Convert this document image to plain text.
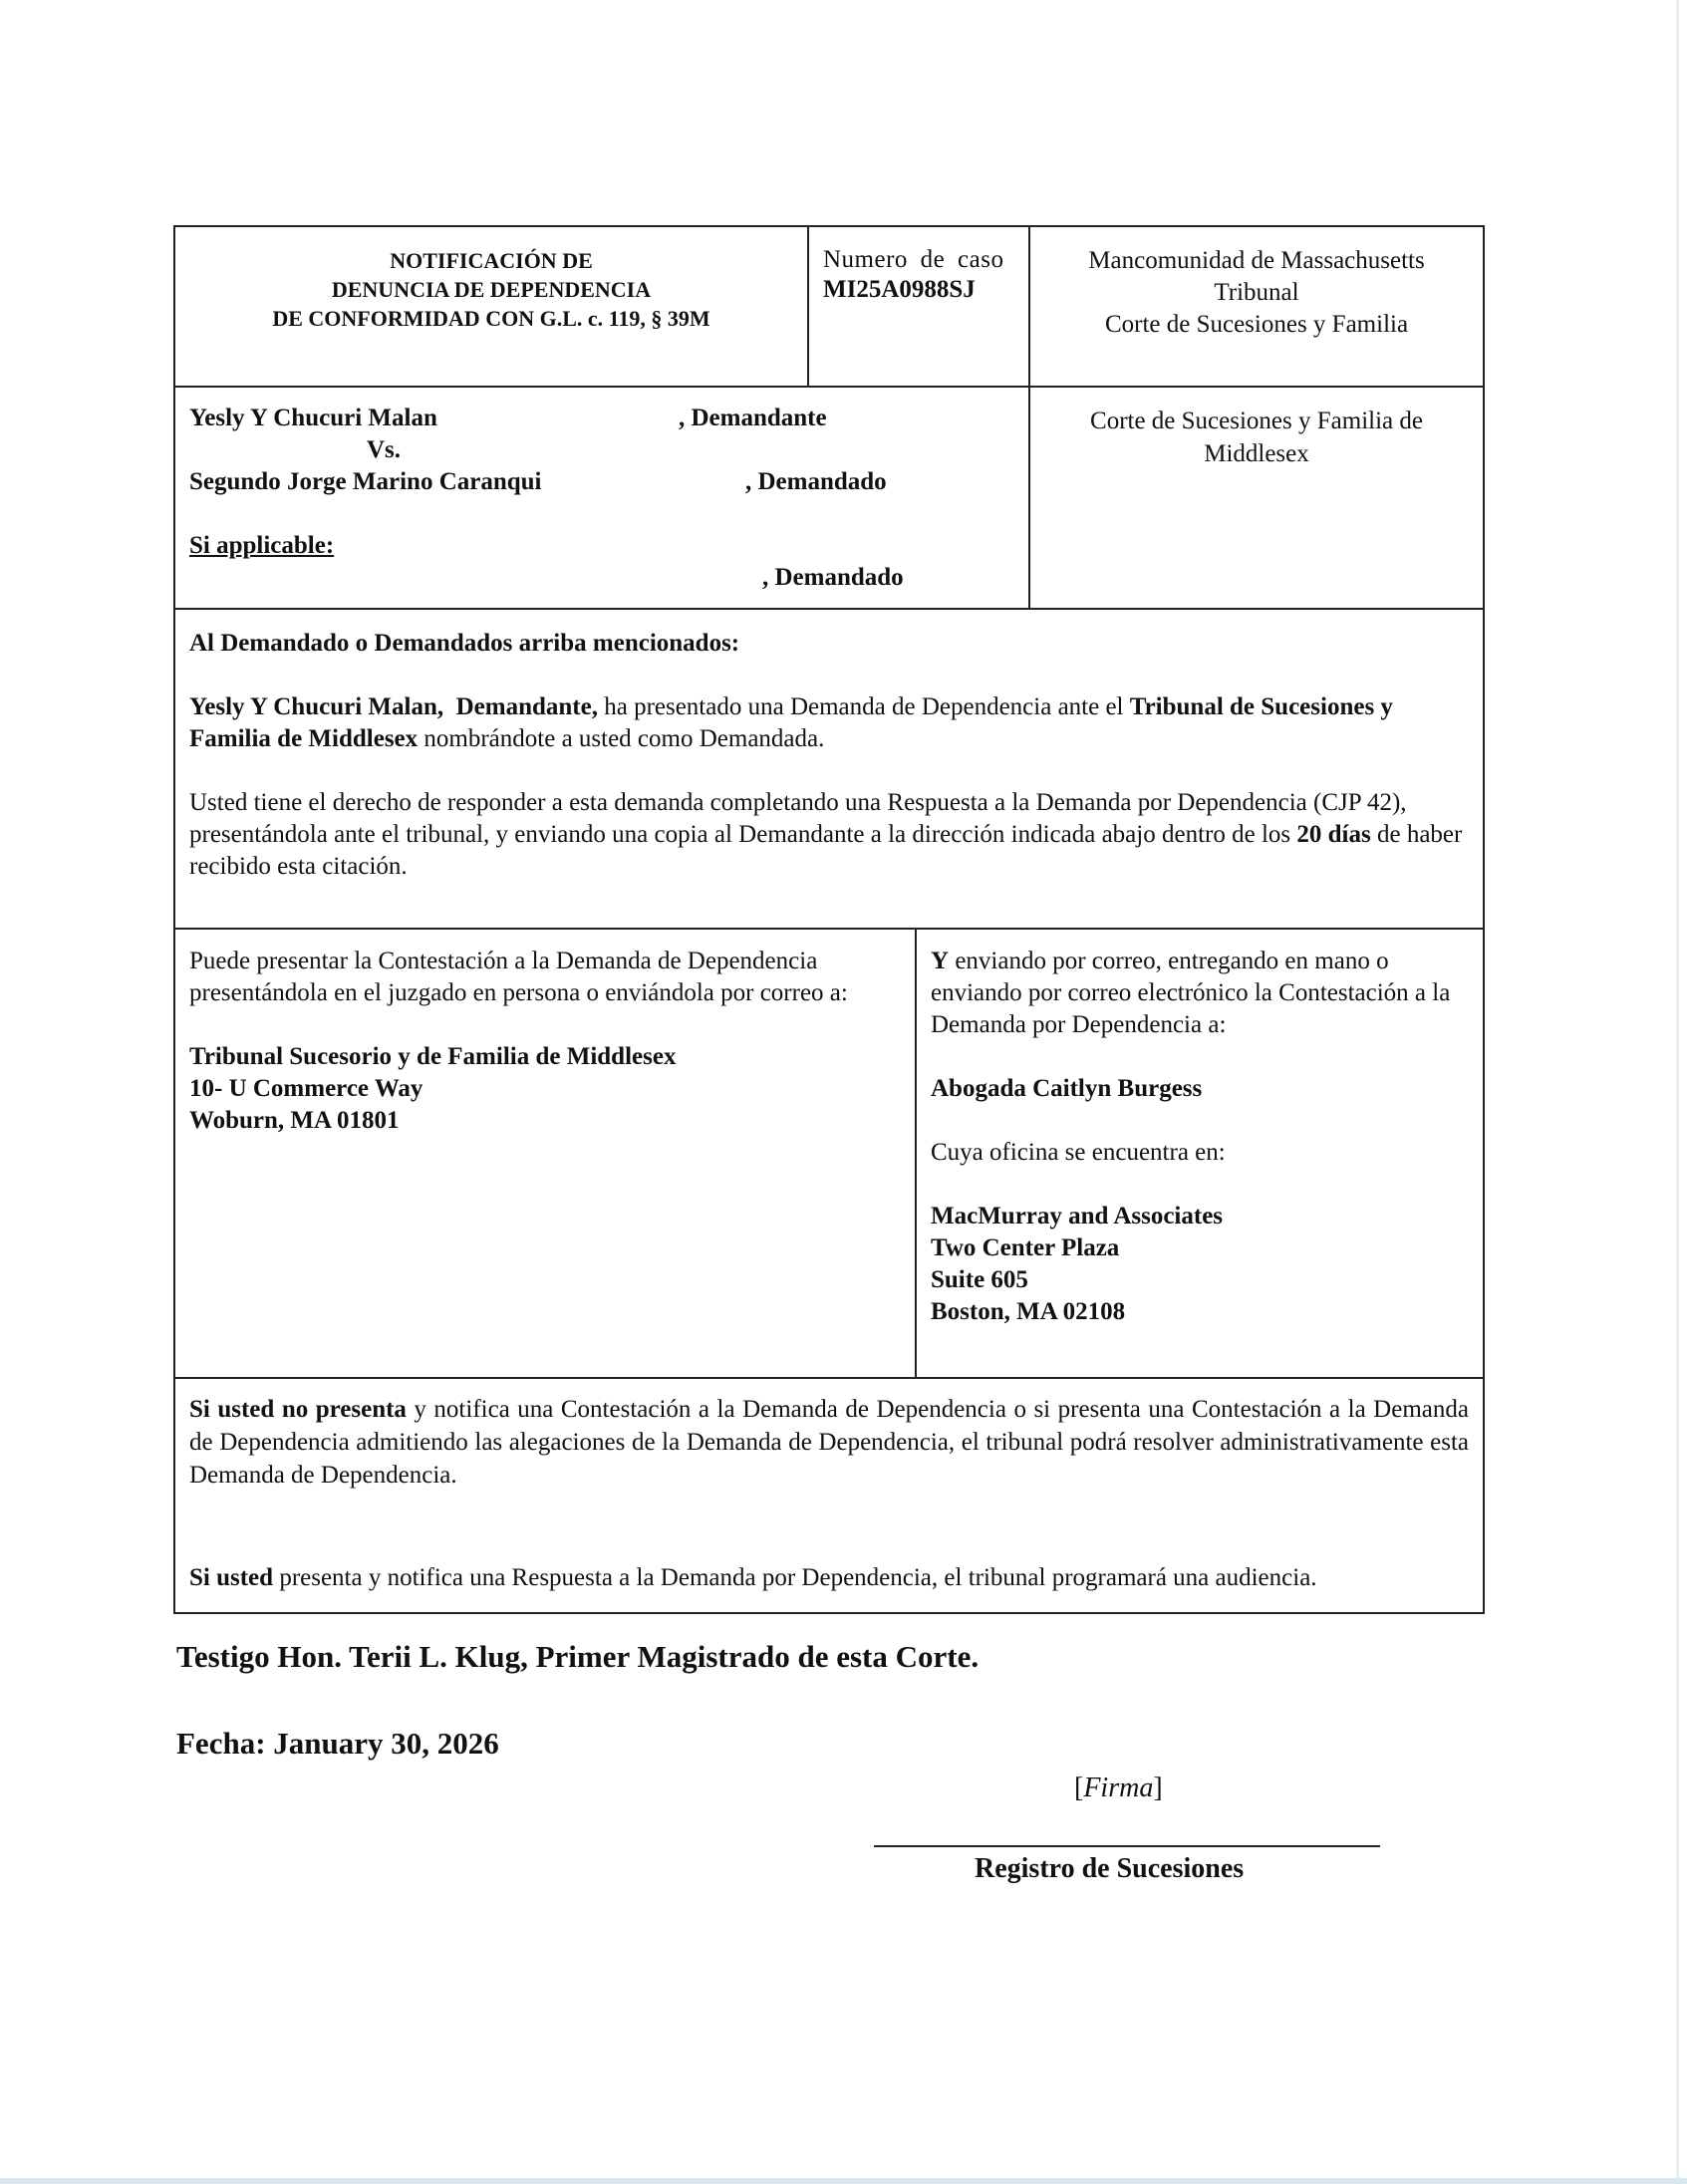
NOTIFICACIÓN DE
DENUNCIA DE DEPENDENCIA
DE CONFORMIDAD CON G.L. c. 119, § 39M
Numero de caso
MI25A0988SJ
Mancomunidad de Massachusetts
Tribunal
Corte de Sucesiones y Familia
Yesly Y Chucuri Malan	, Demandante
Vs.
Segundo Jorge Marino Caranqui	, Demandado
Si applicable:
, Demandado
Corte de Sucesiones y Familia de
Middlesex

Al Demandado o Demandados arriba mencionados:

Yesly Y Chucuri Malan, Demandante, ha presentado una Demanda de Dependencia ante el Tribunal de Sucesiones y Familia de Middlesex nombrándote a usted como Demandada.

Usted tiene el derecho de responder a esta demanda completando una Respuesta a la Demanda por Dependencia (CJP 42), presentándola ante el tribunal, y enviando una copia al Demandante a la dirección indicada abajo dentro de los 20 días de haber recibido esta citación.

Puede presentar la Contestación a la Demanda de Dependencia presentándola en el juzgado en persona o enviándola por correo a:

Tribunal Sucesorio y de Familia de Middlesex
10- U Commerce Way
Woburn, MA 01801

Y enviando por correo, entregando en mano o enviando por correo electrónico la Contestación a la Demanda por Dependencia a:

Abogada Caitlyn Burgess

Cuya oficina se encuentra en:

MacMurray and Associates
Two Center Plaza
Suite 605
Boston, MA 02108

Si usted no presenta y notifica una Contestación a la Demanda de Dependencia o si presenta una Contestación a la Demanda de Dependencia admitiendo las alegaciones de la Demanda de Dependencia, el tribunal podrá resolver administrativamente esta Demanda de Dependencia.

Si usted presenta y notifica una Respuesta a la Demanda por Dependencia, el tribunal programará una audiencia.

Testigo Hon. Terii L. Klug, Primer Magistrado de esta Corte.
Fecha: January 30, 2026
[Firma]
Registro de Sucesiones
